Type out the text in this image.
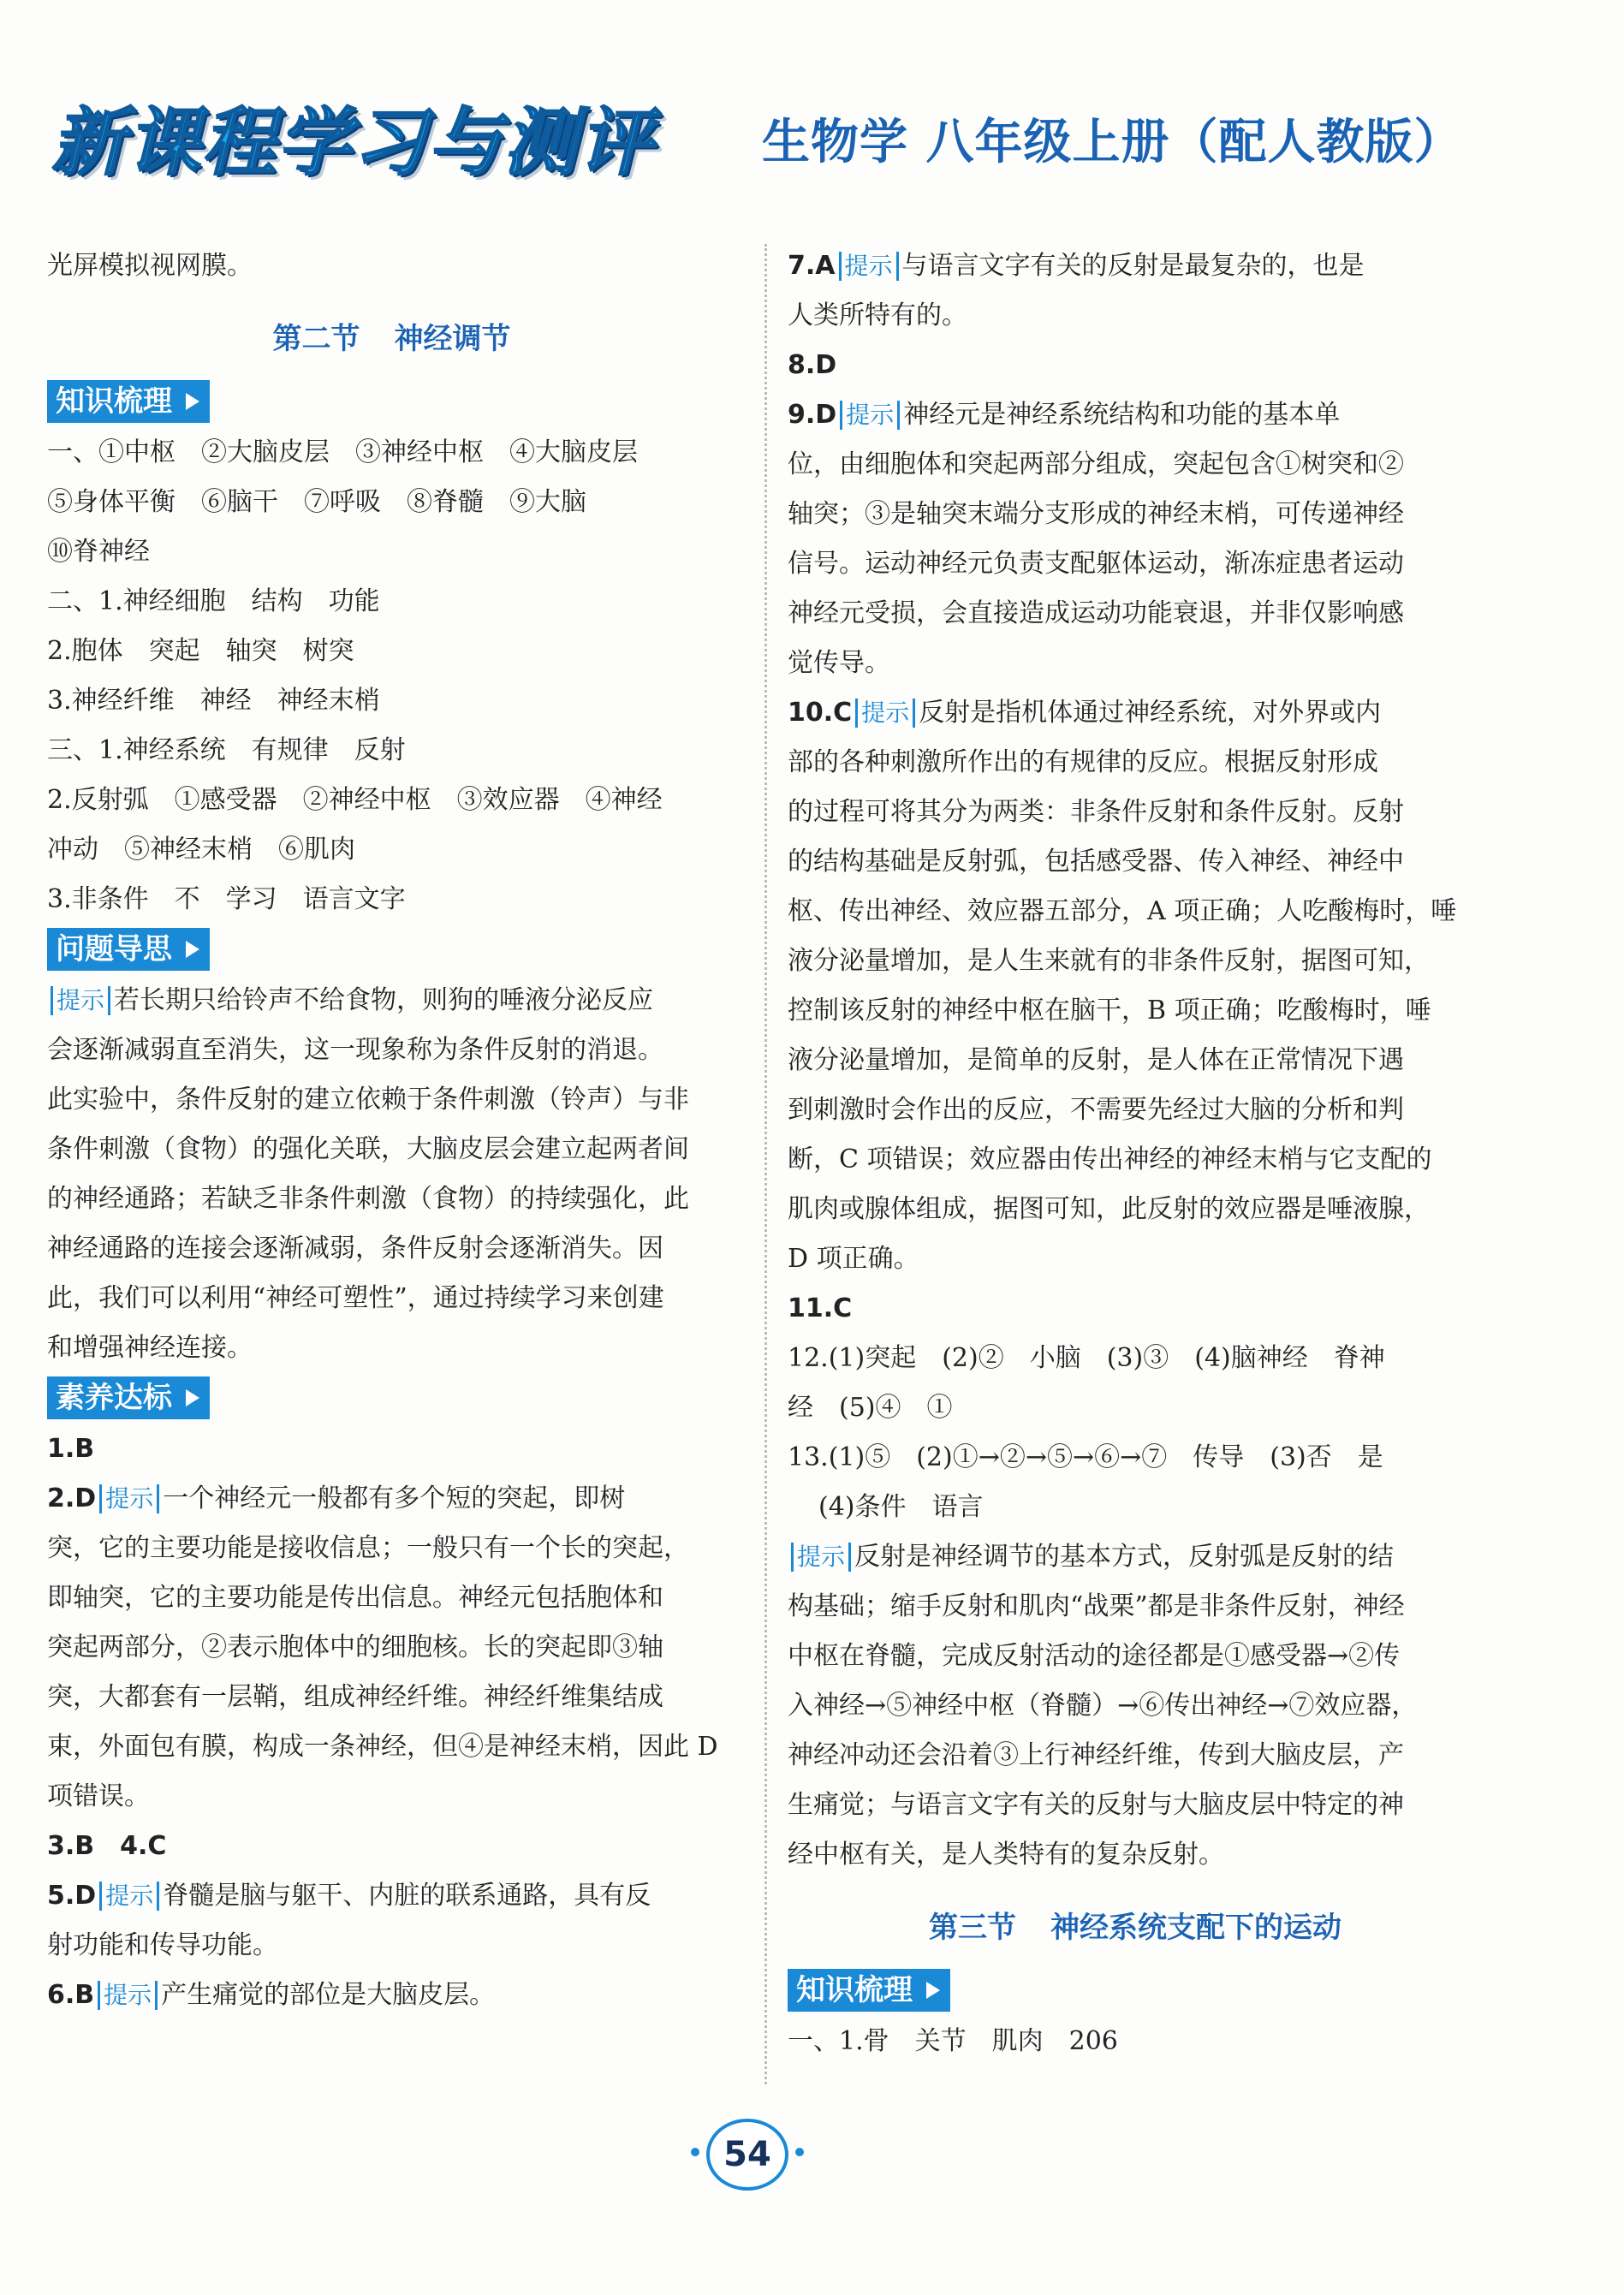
新课程学习与测评 生物学 八年级上册（配人教版）

光屏模拟视网膜。

第二节 神经调节
知识梳理

一、①中枢　②大脑皮层　③神经中枢　④大脑皮层

⑤身体平衡　⑥脑干　⑦呼吸　⑧脊髓　⑨大脑

⑩脊神经

二、1.神经细胞　结构　功能

2.胞体　突起　轴突　树突

3.神经纤维　神经　神经末梢

三、1.神经系统　有规律　反射

2.反射弧　①感受器　②神经中枢　③效应器　④神经

冲动　⑤神经末梢　⑥肌肉

3.非条件　不　学习　语言文字

问题导思

提示 若长期只给铃声不给食物，则狗的唾液分泌反应

会逐渐减弱直至消失，这一现象称为条件反射的消退。

此实验中，条件反射的建立依赖于条件刺激（铃声）与非

条件刺激（食物）的强化关联，大脑皮层会建立起两者间

的神经通路；若缺乏非条件刺激（食物）的持续强化，此

神经通路的连接会逐渐减弱，条件反射会逐渐消失。因

此，我们可以利用“神经可塑性”，通过持续学习来创建

和增强神经连接。

素养达标

1.B

2.D 提示 一个神经元一般都有多个短的突起，即树

突，它的主要功能是接收信息；一般只有一个长的突起，

即轴突，它的主要功能是传出信息。神经元包括胞体和

突起两部分，②表示胞体中的细胞核。长的突起即③轴

突，大都套有一层鞘，组成神经纤维。神经纤维集结成

束，外面包有膜，构成一条神经，但④是神经末梢，因此 D

项错误。

3.B　4.C

5.D 提示 脊髓是脑与躯干、内脏的联系通路，具有反

射功能和传导功能。

6.B 提示 产生痛觉的部位是大脑皮层。

7.A 提示 与语言文字有关的反射是最复杂的，也是

人类所特有的。

8.D

9.D 提示 神经元是神经系统结构和功能的基本单

位，由细胞体和突起两部分组成，突起包含①树突和②

轴突；③是轴突末端分支形成的神经末梢，可传递神经

信号。运动神经元负责支配躯体运动，渐冻症患者运动

神经元受损，会直接造成运动功能衰退，并非仅影响感

觉传导。

10.C 提示 反射是指机体通过神经系统，对外界或内

部的各种刺激所作出的有规律的反应。根据反射形成

的过程可将其分为两类：非条件反射和条件反射。反射

的结构基础是反射弧，包括感受器、传入神经、神经中

枢、传出神经、效应器五部分，A 项正确；人吃酸梅时，唾

液分泌量增加，是人生来就有的非条件反射，据图可知，

控制该反射的神经中枢在脑干，B 项正确；吃酸梅时，唾

液分泌量增加，是简单的反射，是人体在正常情况下遇

到刺激时会作出的反应，不需要先经过大脑的分析和判

断，C 项错误；效应器由传出神经的神经末梢与它支配的

肌肉或腺体组成，据图可知，此反射的效应器是唾液腺，

D 项正确。

11.C

12.(1)突起　(2)②　小脑　(3)③　(4)脑神经　脊神

经　(5)④　①

13.(1)⑤　(2)①→②→⑤→⑥→⑦　传导　(3)否　是

(4)条件　语言

提示 反射是神经调节的基本方式，反射弧是反射的结

构基础；缩手反射和肌肉“战栗”都是非条件反射，神经

中枢在脊髓，完成反射活动的途径都是①感受器→②传

入神经→⑤神经中枢（脊髓）→⑥传出神经→⑦效应器，

神经冲动还会沿着③上行神经纤维，传到大脑皮层，产

生痛觉；与语言文字有关的反射与大脑皮层中特定的神

经中枢有关，是人类特有的复杂反射。

第三节 神经系统支配下的运动
知识梳理

一、1.骨　关节　肌肉　206

54
